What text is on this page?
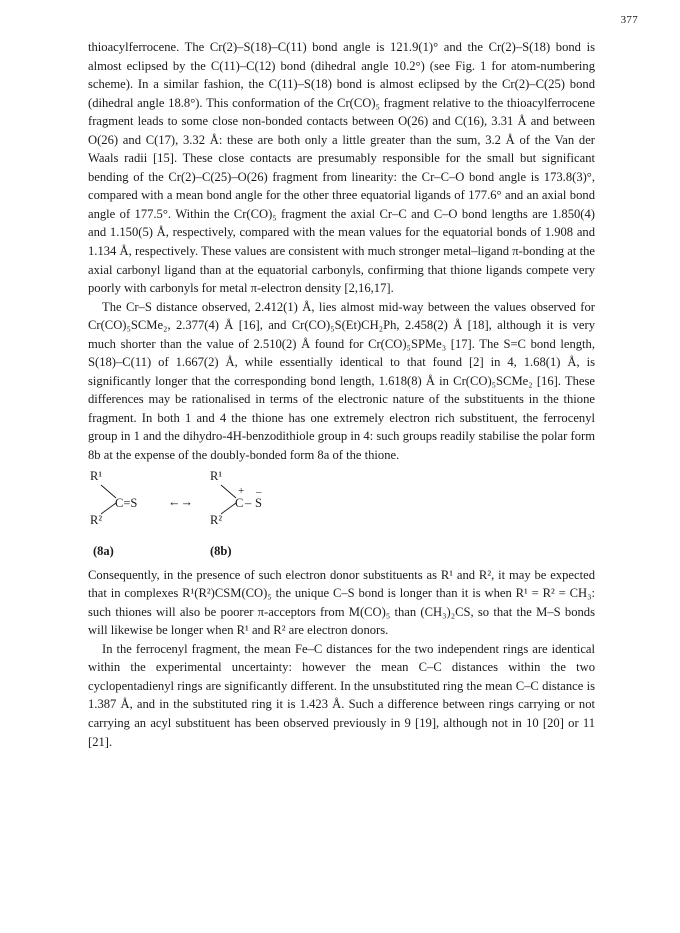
377

thioacylferrocene. The Cr(2)–S(18)–C(11) bond angle is 121.9(1)° and the Cr(2)–S(18) bond is almost eclipsed by the C(11)–C(12) bond (dihedral angle 10.2°) (see Fig. 1 for atom-numbering scheme). In a similar fashion, the C(11)–S(18) bond is almost eclipsed by the Cr(2)–C(25) bond (dihedral angle 18.8°). This conformation of the Cr(CO)₅ fragment relative to the thioacylferrocene fragment leads to some close non-bonded contacts between O(26) and C(16), 3.31 Å and between O(26) and C(17), 3.32 Å: these are both only a little greater than the sum, 3.2 Å of the Van der Waals radii [15]. These close contacts are presumably responsible for the small but significant bending of the Cr(2)–C(25)–O(26) fragment from linearity: the Cr–C–O bond angle is 173.8(3)°, compared with a mean bond angle for the other three equatorial ligands of 177.6° and an axial bond angle of 177.5°. Within the Cr(CO)₅ fragment the axial Cr–C and C–O bond lengths are 1.850(4) and 1.150(5) Å, respectively, compared with the mean values for the equatorial bonds of 1.908 and 1.134 Å, respectively. These values are consistent with much stronger metal–ligand π-bonding at the axial carbonyl ligand than at the equatorial carbonyls, confirming that thione ligands compete very poorly with carbonyls for metal π-electron density [2,16,17].

The Cr–S distance observed, 2.412(1) Å, lies almost mid-way between the values observed for Cr(CO)₅SCMe₂, 2.377(4) Å [16], and Cr(CO)₅S(Et)CH₂Ph, 2.458(2) Å [18], although it is very much shorter than the value of 2.510(2) Å found for Cr(CO)₅SPMe₃ [17]. The S=C bond length, S(18)–C(11) of 1.667(2) Å, while essentially identical to that found [2] in 4, 1.68(1) Å, is significantly longer that the corresponding bond length, 1.618(8) Å in Cr(CO)₅SCMe₂ [16]. These differences may be rationalised in terms of the electronic nature of the substituents in the thione fragment. In both 1 and 4 the thione has one extremely electron rich substituent, the ferrocenyl group in 1 and the dihydro-4H-benzodithiole group in 4: such groups readily stabilise the polar form 8b at the expense of the doubly-bonded form 8a of the thione.

R¹
C=S
R²
←→
R¹
+
C – S
–
R²
(8a)	(8b)

Consequently, in the presence of such electron donor substituents as R¹ and R², it may be expected that in complexes R¹(R²)CSM(CO)₅ the unique C–S bond is longer than it is when R¹ = R² = CH₃: such thiones will also be poorer π-acceptors from M(CO)₅ than (CH₃)₂CS, so that the M–S bonds will likewise be longer when R¹ and R² are electron donors.

In the ferrocenyl fragment, the mean Fe–C distances for the two independent rings are identical within the experimental uncertainty: however the mean C–C distances within the two cyclopentadienyl rings are significantly different. In the unsubstituted ring the mean C–C distance is 1.387 Å, and in the substituted ring it is 1.423 Å. Such a difference between rings carrying or not carrying an acyl substituent has been observed previously in 9 [19], although not in 10 [20] or 11 [21].
